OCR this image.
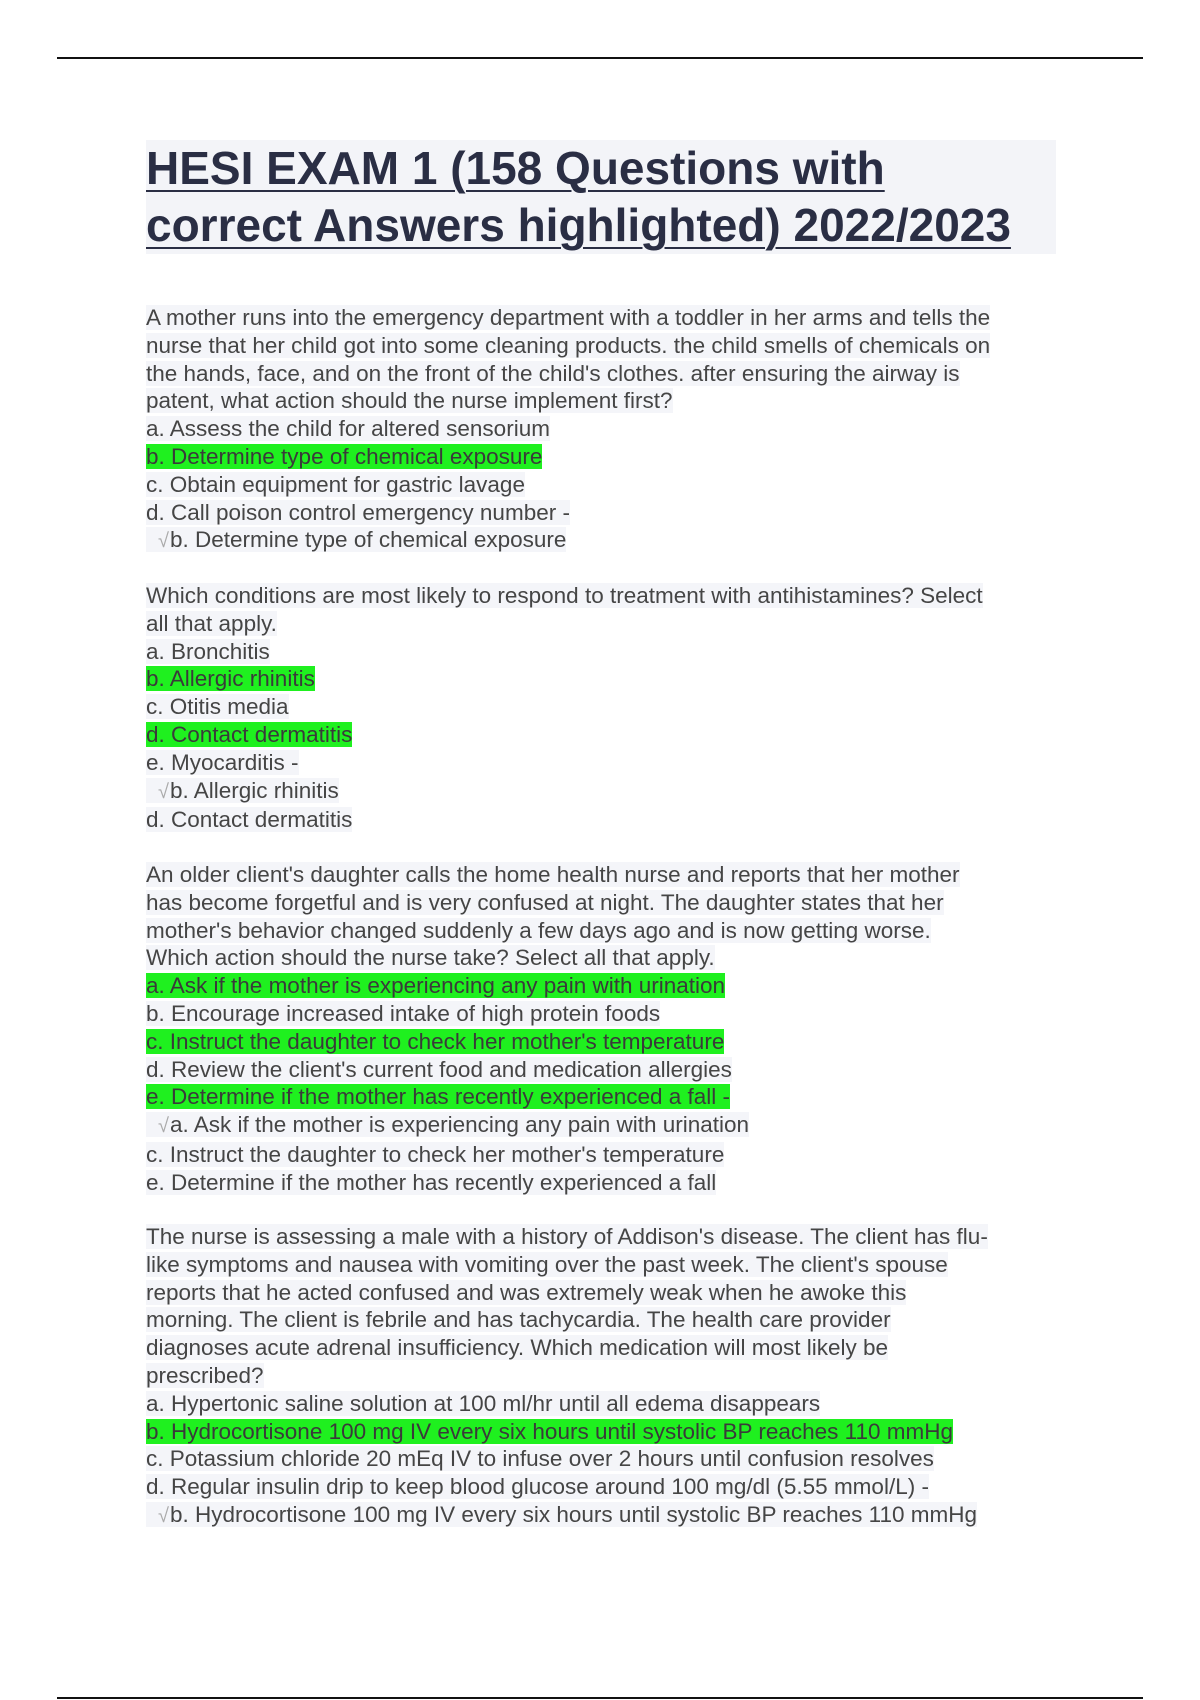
HESI EXAM 1 (158 Questions with
correct Answers highlighted) 2022/2023
A mother runs into the emergency department with a toddler in her arms and tells the
nurse that her child got into some cleaning products. the child smells of chemicals on
the hands, face, and on the front of the child's clothes. after ensuring the airway is
patent, what action should the nurse implement first?
a. Assess the child for altered sensorium
b. Determine type of chemical exposure
c. Obtain equipment for gastric lavage
d. Call poison control emergency number -
√b. Determine type of chemical exposure
Which conditions are most likely to respond to treatment with antihistamines? Select
all that apply.
a. Bronchitis
b. Allergic rhinitis
c. Otitis media
d. Contact dermatitis
e. Myocarditis -
√b. Allergic rhinitis
d. Contact dermatitis
An older client's daughter calls the home health nurse and reports that her mother
has become forgetful and is very confused at night. The daughter states that her
mother's behavior changed suddenly a few days ago and is now getting worse.
Which action should the nurse take? Select all that apply.
a. Ask if the mother is experiencing any pain with urination
b. Encourage increased intake of high protein foods
c. Instruct the daughter to check her mother's temperature
d. Review the client's current food and medication allergies
e. Determine if the mother has recently experienced a fall -
√a. Ask if the mother is experiencing any pain with urination
c. Instruct the daughter to check her mother's temperature
e. Determine if the mother has recently experienced a fall
The nurse is assessing a male with a history of Addison's disease. The client has flu-
like symptoms and nausea with vomiting over the past week. The client's spouse
reports that he acted confused and was extremely weak when he awoke this
morning. The client is febrile and has tachycardia. The health care provider
diagnoses acute adrenal insufficiency. Which medication will most likely be
prescribed?
a. Hypertonic saline solution at 100 ml/hr until all edema disappears
b. Hydrocortisone 100 mg IV every six hours until systolic BP reaches 110 mmHg
c. Potassium chloride 20 mEq IV to infuse over 2 hours until confusion resolves
d. Regular insulin drip to keep blood glucose around 100 mg/dl (5.55 mmol/L) -
√b. Hydrocortisone 100 mg IV every six hours until systolic BP reaches 110 mmHg
